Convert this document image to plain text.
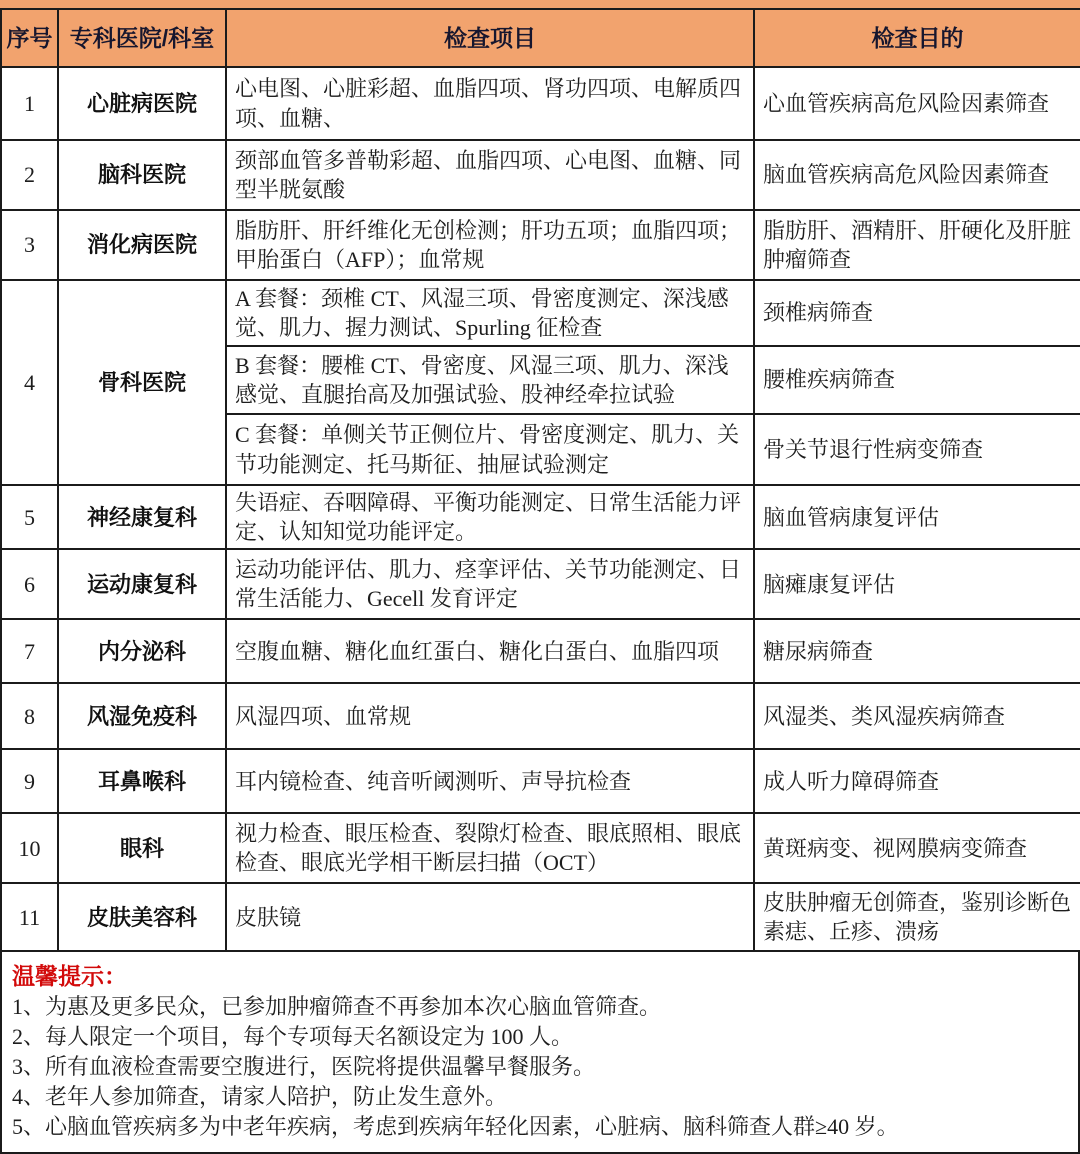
序号	专科医院/科室	检查项目	检查目的
1	心脏病医院	心电图、心脏彩超、血脂四项、肾功四项、电解质四项、血糖、	心血管疾病高危风险因素筛查
2	脑科医院	颈部血管多普勒彩超、血脂四项、心电图、血糖、同型半胱氨酸	脑血管疾病高危风险因素筛查
3	消化病医院	脂肪肝、肝纤维化无创检测；肝功五项；血脂四项；甲胎蛋白（AFP）；血常规	脂肪肝、酒精肝、肝硬化及肝脏肿瘤筛查
4	骨科医院	A 套餐：颈椎 CT、风湿三项、骨密度测定、深浅感觉、肌力、握力测试、Spurling 征检查	颈椎病筛查
		B 套餐：腰椎 CT、骨密度、风湿三项、肌力、深浅感觉、直腿抬高及加强试验、股神经牵拉试验	腰椎疾病筛查
		C 套餐：单侧关节正侧位片、骨密度测定、肌力、关节功能测定、托马斯征、抽屉试验测定	骨关节退行性病变筛查
5	神经康复科	失语症、吞咽障碍、平衡功能测定、日常生活能力评定、认知知觉功能评定。	脑血管病康复评估
6	运动康复科	运动功能评估、肌力、痉挛评估、关节功能测定、日常生活能力、Gecell 发育评定	脑瘫康复评估
7	内分泌科	空腹血糖、糖化血红蛋白、糖化白蛋白、血脂四项	糖尿病筛查
8	风湿免疫科	风湿四项、血常规	风湿类、类风湿疾病筛查
9	耳鼻喉科	耳内镜检查、纯音听阈测听、声导抗检查	成人听力障碍筛查
10	眼科	视力检查、眼压检查、裂隙灯检查、眼底照相、眼底检查、眼底光学相干断层扫描（OCT）	黄斑病变、视网膜病变筛查
11	皮肤美容科	皮肤镜	皮肤肿瘤无创筛查，鉴别诊断色素痣、丘疹、溃疡
温馨提示：
1、为惠及更多民众，已参加肿瘤筛查不再参加本次心脑血管筛查。
2、每人限定一个项目，每个专项每天名额设定为 100 人。
3、所有血液检查需要空腹进行，医院将提供温馨早餐服务。
4、老年人参加筛查，请家人陪护，防止发生意外。
5、心脑血管疾病多为中老年疾病，考虑到疾病年轻化因素，心脏病、脑科筛查人群≥40 岁。
